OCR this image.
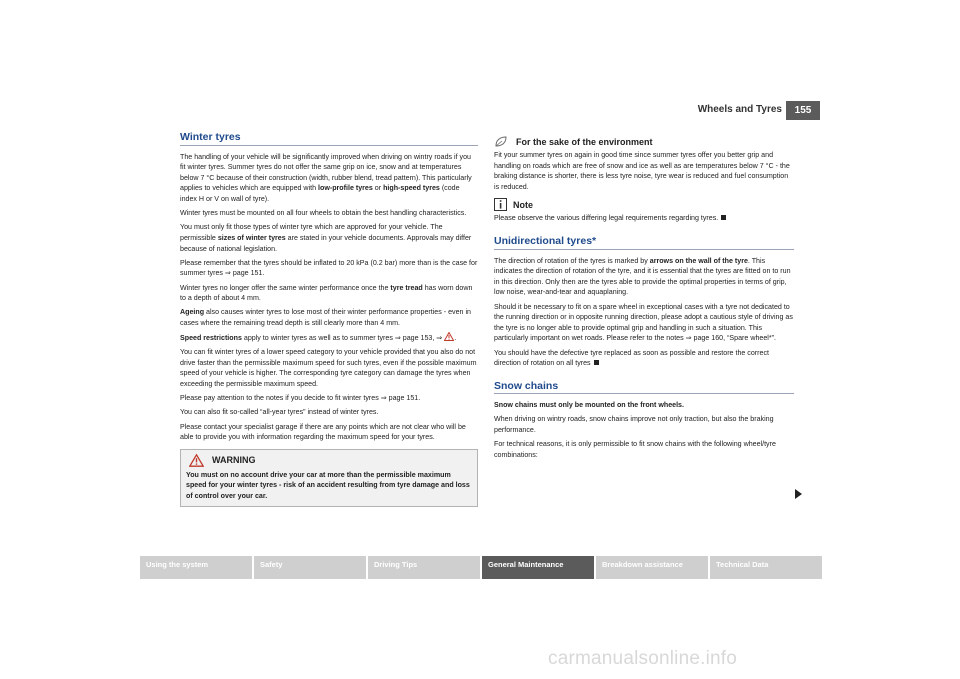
Wheels and Tyres	155
Winter tyres

The handling of your vehicle will be significantly improved when driving on wintry roads if you fit winter tyres. Summer tyres do not offer the same grip on ice, snow and at temperatures below 7 °C because of their construction (width, rubber blend, tread pattern). This particularly applies to vehicles which are equipped with low-profile tyres or high-speed tyres (code index H or V on wall of tyre).

Winter tyres must be mounted on all four wheels to obtain the best handling characteristics.

You must only fit those types of winter tyre which are approved for your vehicle. The permissible sizes of winter tyres are stated in your vehicle documents. Approvals may differ because of national legislation.

Please remember that the tyres should be inflated to 20 kPa (0.2 bar) more than is the case for summer tyres ⇒ page 151.

Winter tyres no longer offer the same winter performance once the tyre tread has worn down to a depth of about 4 mm.

Ageing also causes winter tyres to lose most of their winter performance properties - even in cases where the remaining tread depth is still clearly more than 4 mm.

Speed restrictions apply to winter tyres as well as to summer tyres ⇒ page 153, ⇒ .

You can fit winter tyres of a lower speed category to your vehicle provided that you also do not drive faster than the permissible maximum speed for such tyres, even if the possible maximum speed of your vehicle is higher. The corresponding tyre category can damage the tyres when exceeding the permissible maximum speed.

Please pay attention to the notes if you decide to fit winter tyres ⇒ page 151.

You can also fit so-called “all-year tyres” instead of winter tyres.

Please contact your specialist garage if there are any points which are not clear who will be able to provide you with information regarding the maximum speed for your tyres.

WARNING
You must on no account drive your car at more than the permissible maximum speed for your winter tyres - risk of an accident resulting from tyre damage and loss of control over your car.
For the sake of the environment

Fit your summer tyres on again in good time since summer tyres offer you better grip and handling on roads which are free of snow and ice as well as are temperatures below 7 °C - the braking distance is shorter, there is less tyre noise, tyre wear is reduced and fuel consumption is reduced.

Note

Please observe the various differing legal requirements regarding tyres.

Unidirectional tyres*

The direction of rotation of the tyres is marked by arrows on the wall of the tyre. This indicates the direction of rotation of the tyre, and it is essential that the tyres are fitted on to run in this direction. Only then are the tyres able to provide the optimal properties in terms of grip, low noise, wear-and-tear and aquaplaning.

Should it be necessary to fit on a spare wheel in exceptional cases with a tyre not dedicated to the running direction or in opposite running direction, please adopt a cautious style of driving as the tyre is no longer able to provide optimal grip and handling in such a situation. This particularly important on wet roads. Please refer to the notes ⇒ page 160, “Spare wheel*”.

You should have the defective tyre replaced as soon as possible and restore the correct direction of rotation on all tyres

Snow chains

Snow chains must only be mounted on the front wheels.

When driving on wintry roads, snow chains improve not only traction, but also the braking performance.

For technical reasons, it is only permissible to fit snow chains with the following wheel/tyre combinations:

Using the system	Safety	Driving Tips	General Maintenance	Breakdown assistance	Technical Data
carmanualsonline.info
